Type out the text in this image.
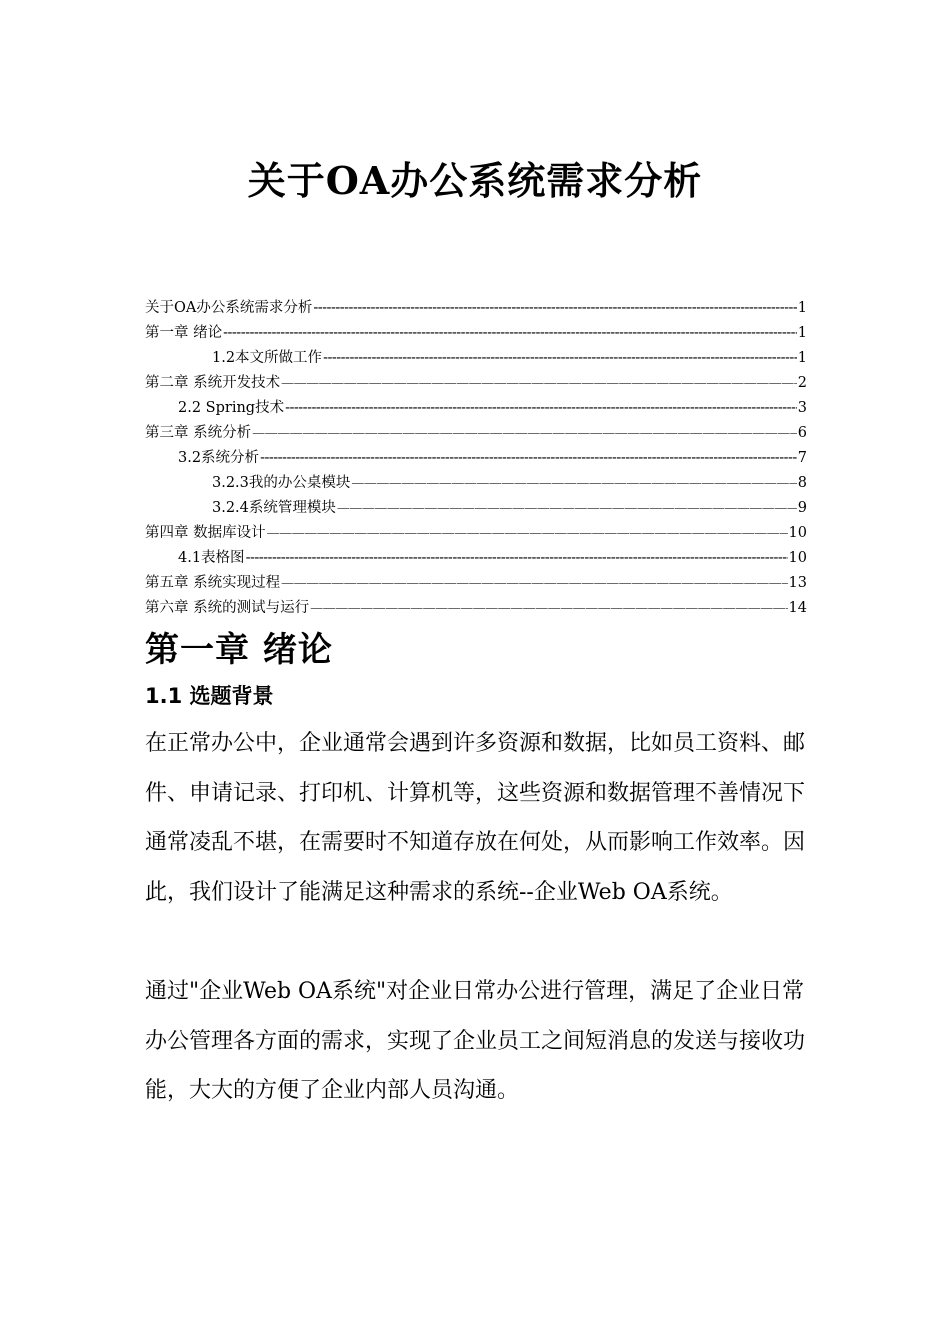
关于OA办公系统需求分析
关于OA办公系统需求分析 -----	1
第一章 绪论 -----	1
1.2本文所做工作 -----	1
第二章 系统开发技术 —————	2
2.2 Spring技术 -----	3
第三章 系统分析 —————	6
3.2系统分析 -----	7
3.2.3我的办公桌模块 —————	8
3.2.4系统管理模块 —————	9
第四章 数据库设计 —————	10
4.1表格图 -----	10
第五章 系统实现过程 —————	13
第六章 系统的测试与运行 —————	14
第一章 绪论
1.1 选题背景

在正常办公中，企业通常会遇到许多资源和数据，比如员工资料、邮件、申请记录、打印机、计算机等，这些资源和数据管理不善情况下通常凌乱不堪，在需要时不知道存放在何处，从而影响工作效率。因此，我们设计了能满足这种需求的系统--企业Web OA系统。

通过"企业Web OA系统"对企业日常办公进行管理，满足了企业日常办公管理各方面的需求，实现了企业员工之间短消息的发送与接收功能，大大的方便了企业内部人员沟通。
